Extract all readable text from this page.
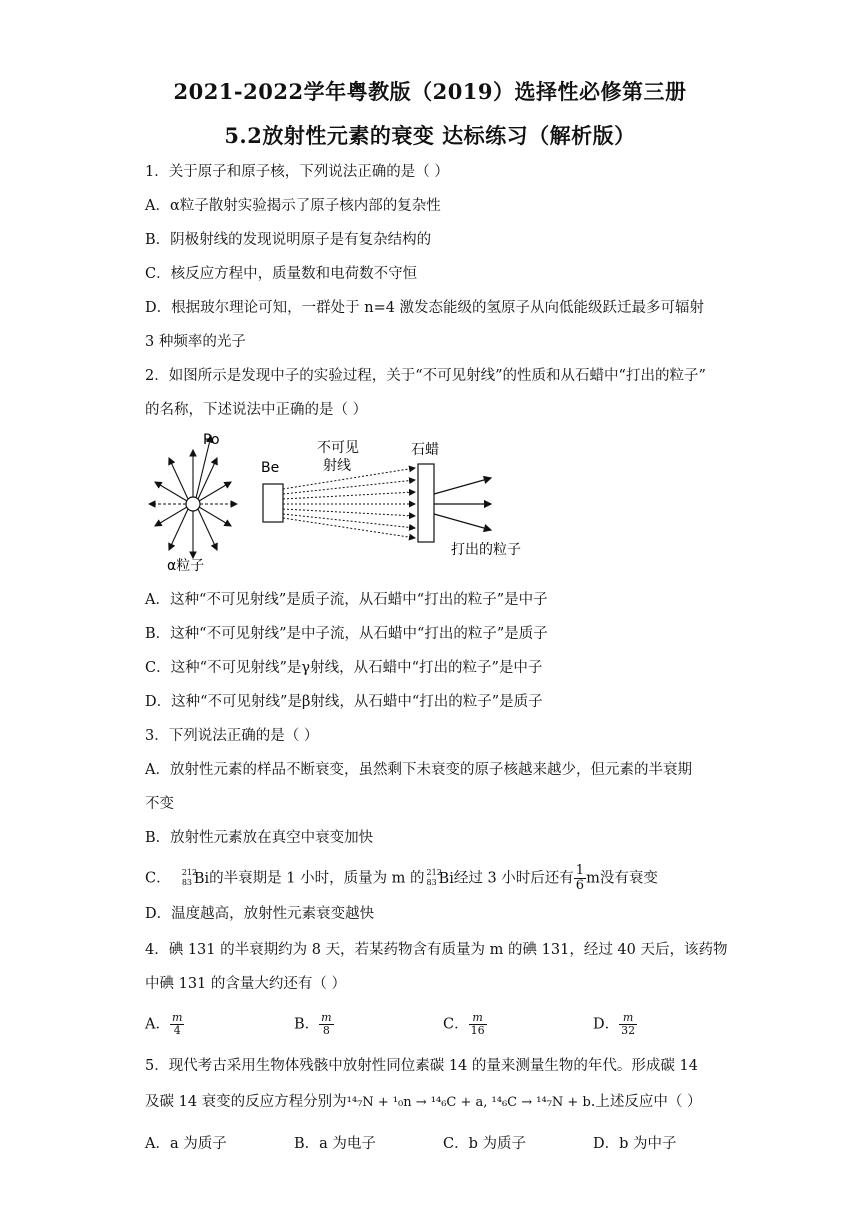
2021-2022学年粤教版（2019）选择性必修第三册
5.2放射性元素的衰变 达标练习（解析版）
1．关于原子和原子核，下列说法正确的是（ ）
A．α粒子散射实验揭示了原子核内部的复杂性
B．阴极射线的发现说明原子是有复杂结构的
C．核反应方程中，质量数和电荷数不守恒
D．根据玻尔理论可知，一群处于 n=4 激发态能级的氢原子从向低能级跃迁最多可辐射
3 种频率的光子
2．如图所示是发现中子的实验过程，关于“不可见射线”的性质和从石蜡中“打出的粒子”
的名称，下述说法中正确的是（ ）
Po
α粒子
Be
不可见
射线
石蜡
打出的粒子
A．这种“不可见射线”是质子流，从石蜡中“打出的粒子”是中子
B．这种“不可见射线”是中子流，从石蜡中“打出的粒子”是质子
C．这种“不可见射线”是γ射线，从石蜡中“打出的粒子”是中子
D．这种“不可见射线”是β射线，从石蜡中“打出的粒子”是质子
3．下列说法正确的是（ ）
A．放射性元素的样品不断衰变，虽然剩下未衰变的原子核越来越少，但元素的半衰期
不变
B．放射性元素放在真空中衰变加快
C． 212
83 Bi的半衰期是 1 小时，质量为 m 的 212
83 Bi经过 3 小时后还有 $\frac{1}{6}$ m没有衰变
D．温度越高，放射性元素衰变越快
4．碘 131 的半衰期约为 8 天，若某药物含有质量为 m 的碘 131，经过 40 天后，该药物
中碘 131 的含量大约还有（ ）
A． $\frac{m}{4}$	B． $\frac{m}{8}$	C． $\frac{m}{16}$	D． $\frac{m}{32}$
5．现代考古采用生物体残骸中放射性同位素碳 14 的量来测量生物的年代。形成碳 14
及碳 14 衰变的反应方程分别为¹⁴₇N + ¹₀n → ¹⁴₆C + a, ¹⁴₆C → ¹⁴₇N + b.上述反应中（ ）
A．a 为质子	B．a 为电子	C．b 为质子	D．b 为中子
